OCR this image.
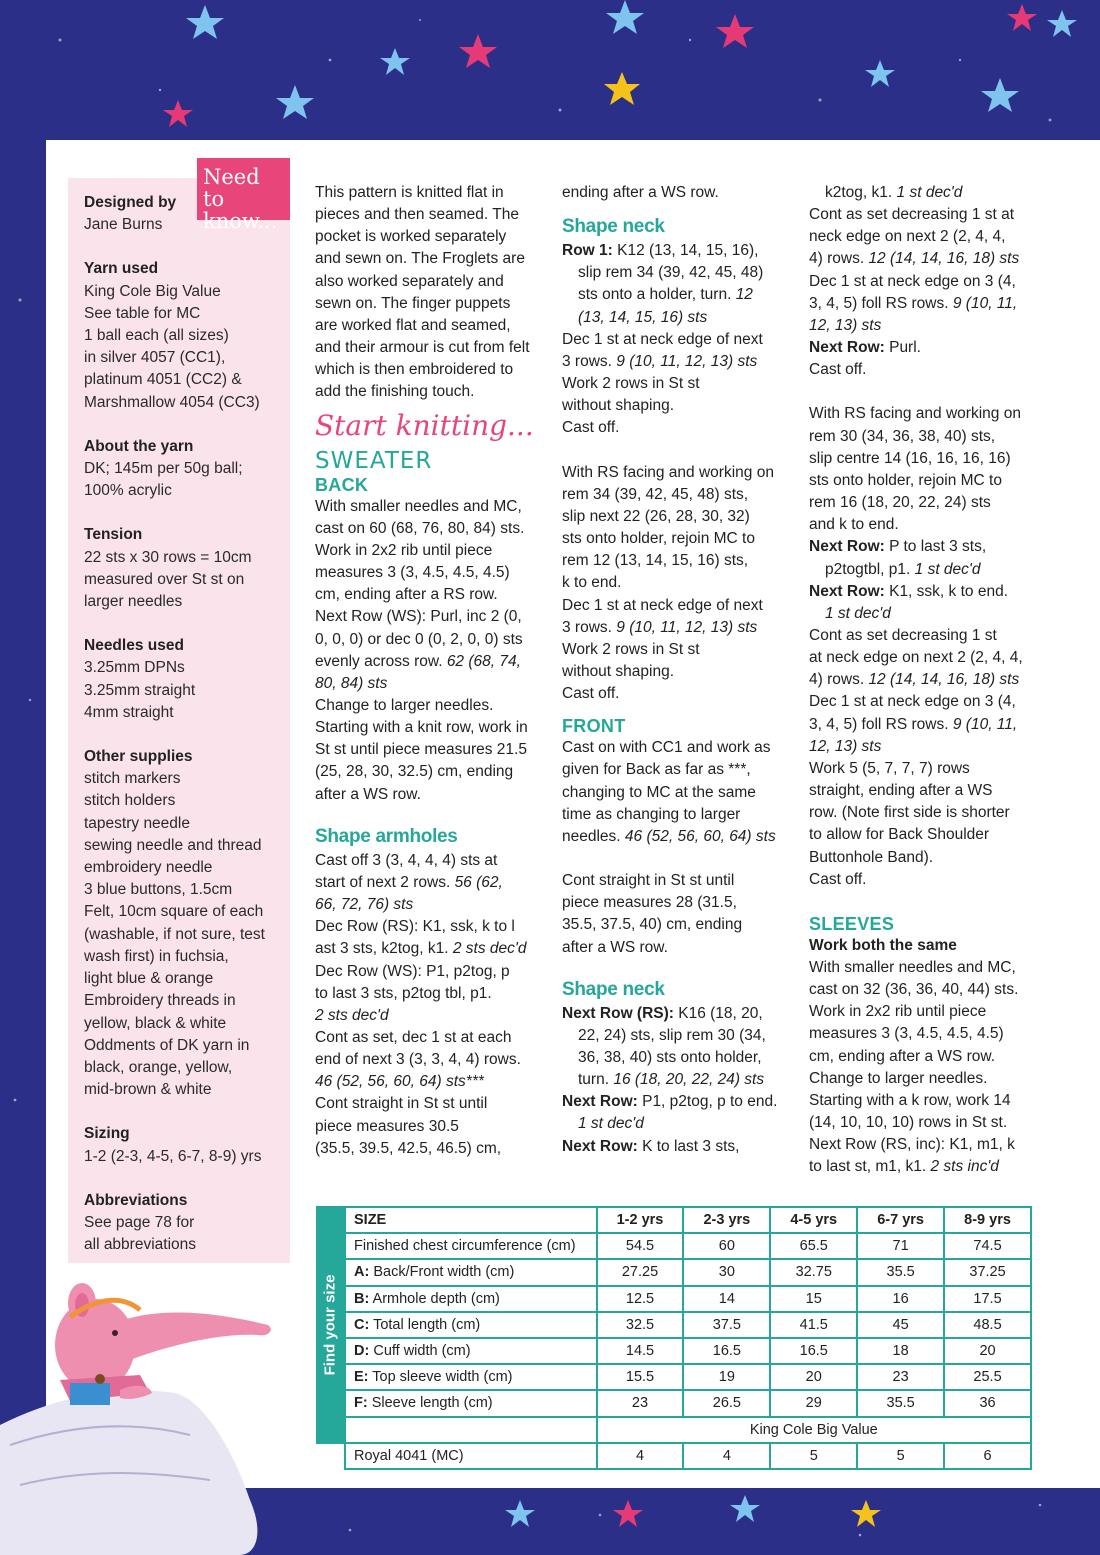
Designed by
Jane Burns
Yarn used
King Cole Big Value
See table for MC
1 ball each (all sizes)
in silver 4057 (CC1),
platinum 4051 (CC2) &
Marshmallow 4054 (CC3)
About the yarn
DK; 145m per 50g ball;
100% acrylic
Tension
22 sts x 30 rows = 10cm
measured over St st on
larger needles
Needles used
3.25mm DPNs
3.25mm straight
4mm straight
Other supplies
stitch markers
stitch holders
tapestry needle
sewing needle and thread
embroidery needle
3 blue buttons, 1.5cm
Felt, 10cm square of each
(washable, if not sure, test
wash first) in fuchsia,
light blue & orange
Embroidery threads in
yellow, black & white
Oddments of DK yarn in
black, orange, yellow,
mid-brown & white
Sizing
1-2 (2-3, 4-5, 6-7, 8-9) yrs
Abbreviations
See page 78 for
all abbreviations
Need to
know...

This pattern is knitted flat in

pieces and then seamed. The

pocket is worked separately

and sewn on. The Froglets are

also worked separately and

sewn on. The finger puppets

are worked flat and seamed,

and their armour is cut from felt

which is then embroidered to

add the finishing touch.

Start knitting...

SWEATER

BACK

With smaller needles and MC,

cast on 60 (68, 76, 80, 84) sts.

Work in 2x2 rib until piece

measures 3 (3, 4.5, 4.5, 4.5)

cm, ending after a RS row.

Next Row (WS): Purl, inc 2 (0,

0, 0, 0) or dec 0 (0, 2, 0, 0) sts

evenly across row. 62 (68, 74,

80, 84) sts

Change to larger needles.

Starting with a knit row, work in

St st until piece measures 21.5

(25, 28, 30, 32.5) cm, ending

after a WS row.

Shape armholes

Cast off 3 (3, 4, 4, 4) sts at

start of next 2 rows. 56 (62,

66, 72, 76) sts

Dec Row (RS): K1, ssk, k to l

ast 3 sts, k2tog, k1. 2 sts dec'd

Dec Row (WS): P1, p2tog, p

to last 3 sts, p2tog tbl, p1.

2 sts dec'd

Cont as set, dec 1 st at each

end of next 3 (3, 3, 4, 4) rows.

46 (52, 56, 60, 64) sts***

Cont straight in St st until

piece measures 30.5

(35.5, 39.5, 42.5, 46.5) cm,

ending after a WS row.

Shape neck

Row 1: K12 (13, 14, 15, 16),

slip rem 34 (39, 42, 45, 48)

sts onto a holder, turn. 12

(13, 14, 15, 16) sts

Dec 1 st at neck edge of next

3 rows. 9 (10, 11, 12, 13) sts

Work 2 rows in St st

without shaping.

Cast off.

With RS facing and working on

rem 34 (39, 42, 45, 48) sts,

slip next 22 (26, 28, 30, 32)

sts onto holder, rejoin MC to

rem 12 (13, 14, 15, 16) sts,

k to end.

Dec 1 st at neck edge of next

3 rows. 9 (10, 11, 12, 13) sts

Work 2 rows in St st

without shaping.

Cast off.

FRONT

Cast on with CC1 and work as

given for Back as far as ***,

changing to MC at the same

time as changing to larger

needles. 46 (52, 56, 60, 64) sts

Cont straight in St st until

piece measures 28 (31.5,

35.5, 37.5, 40) cm, ending

after a WS row.

Shape neck

Next Row (RS): K16 (18, 20,

22, 24) sts, slip rem 30 (34,

36, 38, 40) sts onto holder,

turn. 16 (18, 20, 22, 24) sts

Next Row: P1, p2tog, p to end.

1 st dec'd

Next Row: K to last 3 sts,

k2tog, k1. 1 st dec'd

Cont as set decreasing 1 st at

neck edge on next 2 (2, 4, 4,

4) rows. 12 (14, 14, 16, 18) sts

Dec 1 st at neck edge on 3 (4,

3, 4, 5) foll RS rows. 9 (10, 11,

12, 13) sts

Next Row: Purl.

Cast off.

With RS facing and working on

rem 30 (34, 36, 38, 40) sts,

slip centre 14 (16, 16, 16, 16)

sts onto holder, rejoin MC to

rem 16 (18, 20, 22, 24) sts

and k to end.

Next Row: P to last 3 sts,

p2togtbl, p1. 1 st dec'd

Next Row: K1, ssk, k to end.

1 st dec'd

Cont as set decreasing 1 st

at neck edge on next 2 (2, 4, 4,

4) rows. 12 (14, 14, 16, 18) sts

Dec 1 st at neck edge on 3 (4,

3, 4, 5) foll RS rows. 9 (10, 11,

12, 13) sts

Work 5 (5, 7, 7, 7) rows

straight, ending after a WS

row. (Note first side is shorter

to allow for Back Shoulder

Buttonhole Band).

Cast off.

SLEEVES

Work both the same

With smaller needles and MC,

cast on 32 (36, 36, 40, 44) sts.

Work in 2x2 rib until piece

measures 3 (3, 4.5, 4.5, 4.5)

cm, ending after a WS row.

Change to larger needles.

Starting with a k row, work 14

(14, 10, 10, 10) rows in St st.

Next Row (RS, inc): K1, m1, k

to last st, m1, k1. 2 sts inc'd

Find your size
SIZE	1-2 yrs	2-3 yrs	4-5 yrs	6-7 yrs	8-9 yrs
Finished chest circumference (cm)	54.5	60	65.5	71	74.5
A: Back/Front width (cm)	27.25	30	32.75	35.5	37.25
B: Armhole depth (cm)	12.5	14	15	16	17.5
C: Total length (cm)	32.5	37.5	41.5	45	48.5
D: Cuff width (cm)	14.5	16.5	16.5	18	20
E: Top sleeve width (cm)	15.5	19	20	23	25.5
F: Sleeve length (cm)	23	26.5	29	35.5	36
	King Cole Big Value				
Royal 4041 (MC)	4	4	5	5	6
